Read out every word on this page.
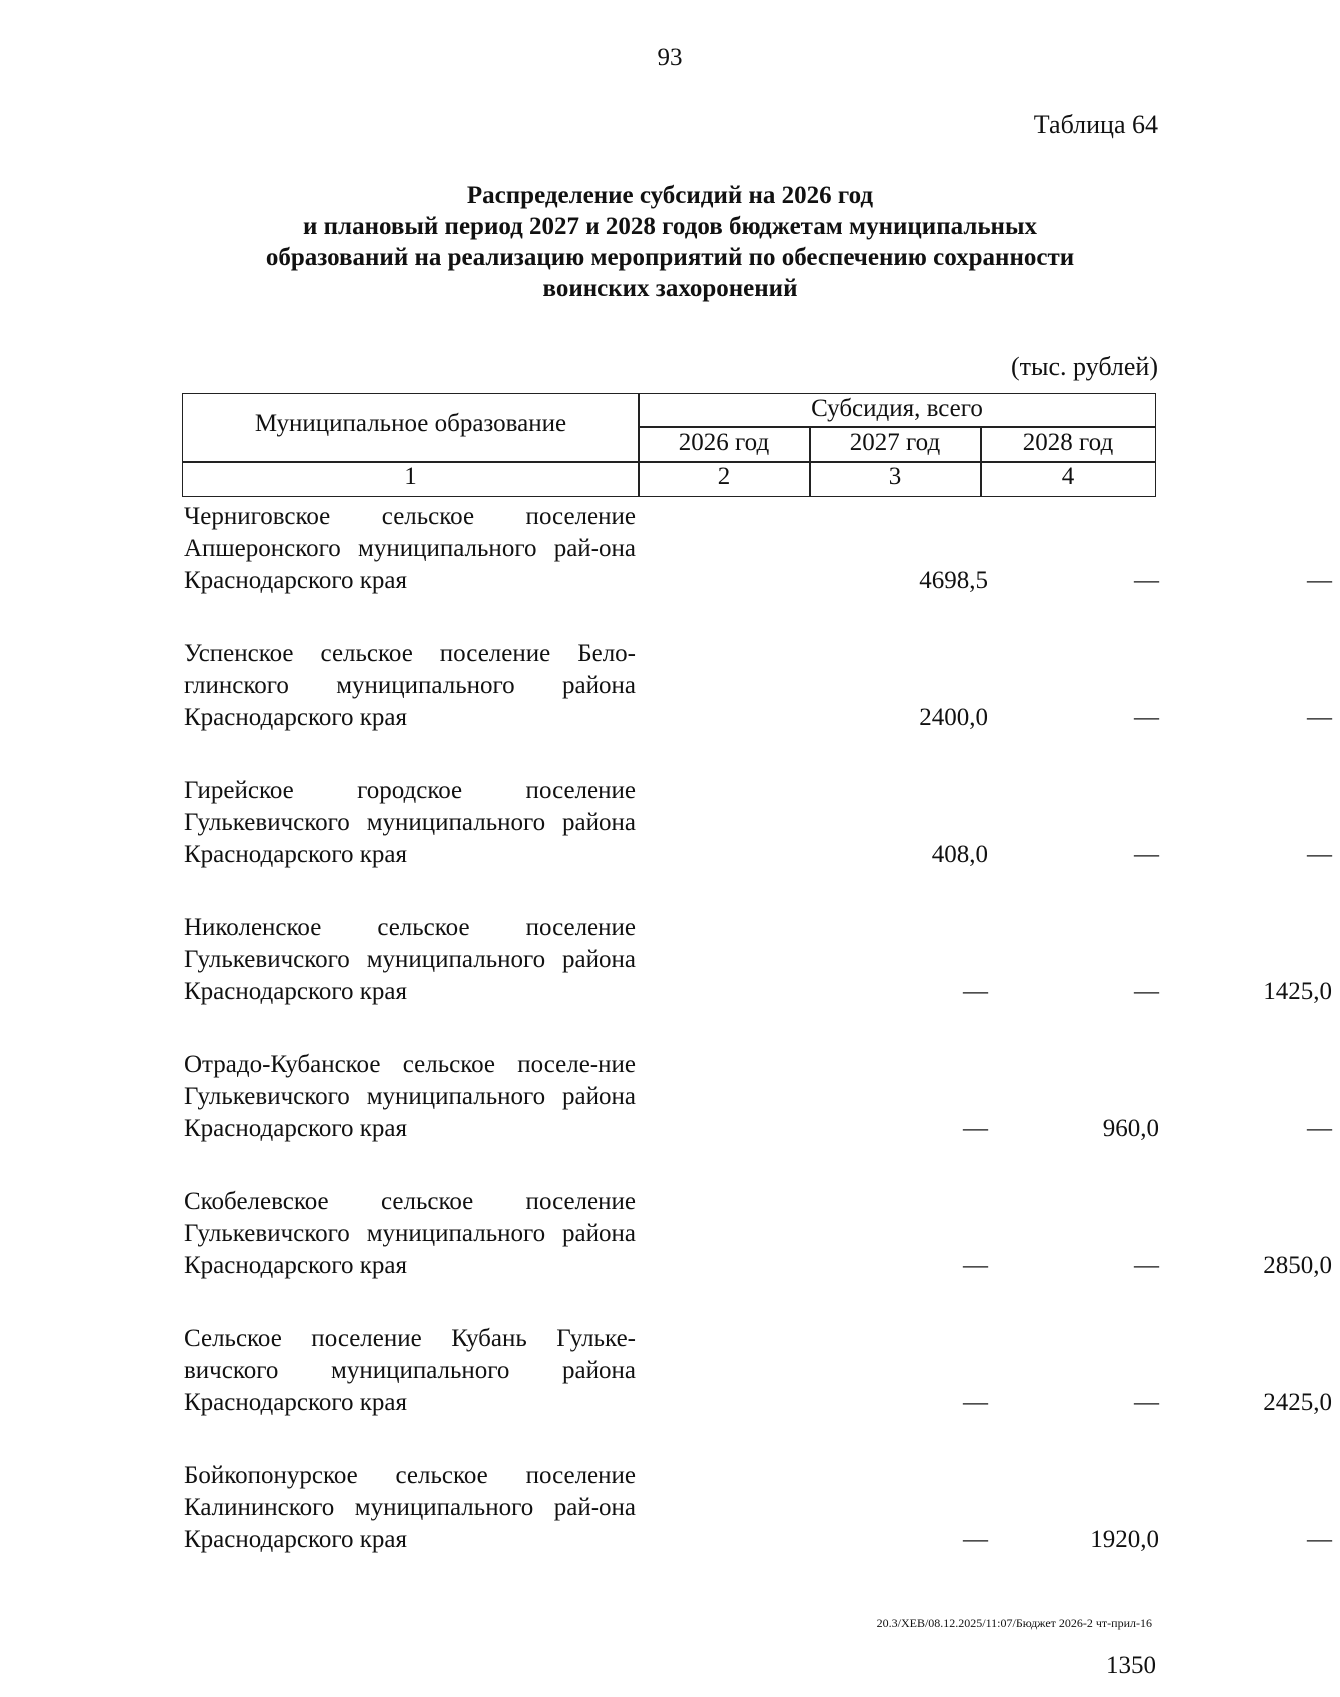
93
Таблица 64
Распределение субсидий на 2026 год
и плановый период 2027 и 2028 годов бюджетам муниципальных
образований на реализацию мероприятий по обеспечению сохранности
воинских захоронений
(тыс. рублей)
Муниципальное образование
Субсидия, всего
2026 год	2027 год	2028 год
1	2	3	4
Черниговское сельское поселение Апшеронского муниципального рай-она Краснодарского края	4698,5	—	—
Успенское сельское поселение Бело-глинского муниципального района Краснодарского края	2400,0	—	—
Гирейское городское поселение Гулькевичского муниципального района Краснодарского края	408,0	—	—
Николенское сельское поселение Гулькевичского муниципального района Краснодарского края	—	—	1425,0
Отрадо-Кубанское сельское поселе-ние Гулькевичского муниципального района Краснодарского края	—	960,0	—
Скобелевское сельское поселение Гулькевичского муниципального района Краснодарского края	—	—	2850,0
Сельское поселение Кубань Гульке-вичского муниципального района Краснодарского края	—	—	2425,0
Бойкопонурское сельское поселение Калининского муниципального рай-она Краснодарского края	—	1920,0	—
20.3/ХЕВ/08.12.2025/11:07/Бюджет 2026-2 чт-прил-16
1350
